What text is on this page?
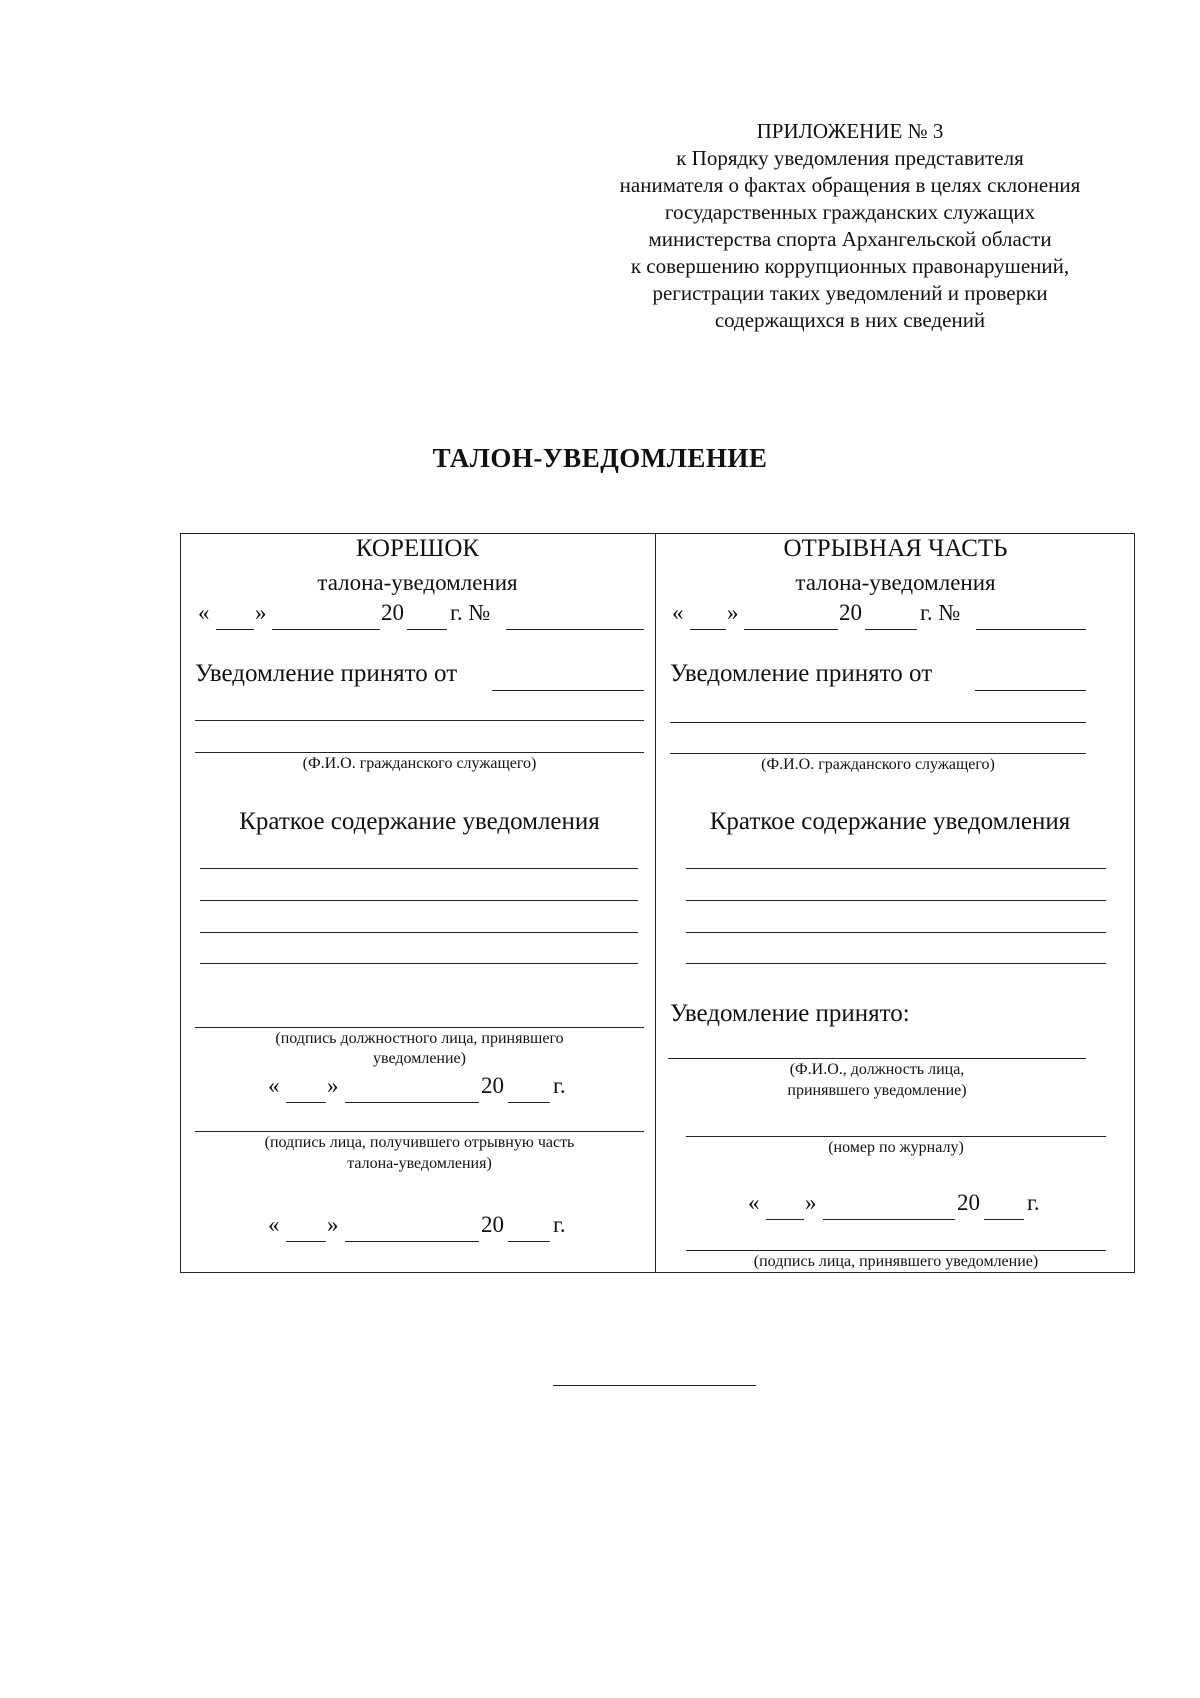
ПРИЛОЖЕНИЕ № 3
к Порядку уведомления представителя
нанимателя о фактах обращения в целях склонения
государственных гражданских служащих
министерства спорта Архангельской области
к совершению коррупционных правонарушений,
регистрации таких уведомлений и проверки
содержащихся в них сведений
ТАЛОН-УВЕДОМЛЕНИЕ
КОРЕШОК
талона-уведомления
« »	20 г. №
Уведомление принято от
(Ф.И.О. гражданского служащего)
Краткое содержание уведомления
(подпись должностного лица, принявшего
уведомление)
« »	20 г.
(подпись лица, получившего отрывную часть
талона-уведомления)
« »	20 г.
ОТРЫВНАЯ ЧАСТЬ
талона-уведомления
« »	20	г. №
Уведомление принято от
(Ф.И.О. гражданского служащего)
Краткое содержание уведомления
Уведомление принято:
(Ф.И.О., должность лица,
принявшего уведомление)
(номер по журналу)
« »	20 г.
(подпись лица, принявшего уведомление)
